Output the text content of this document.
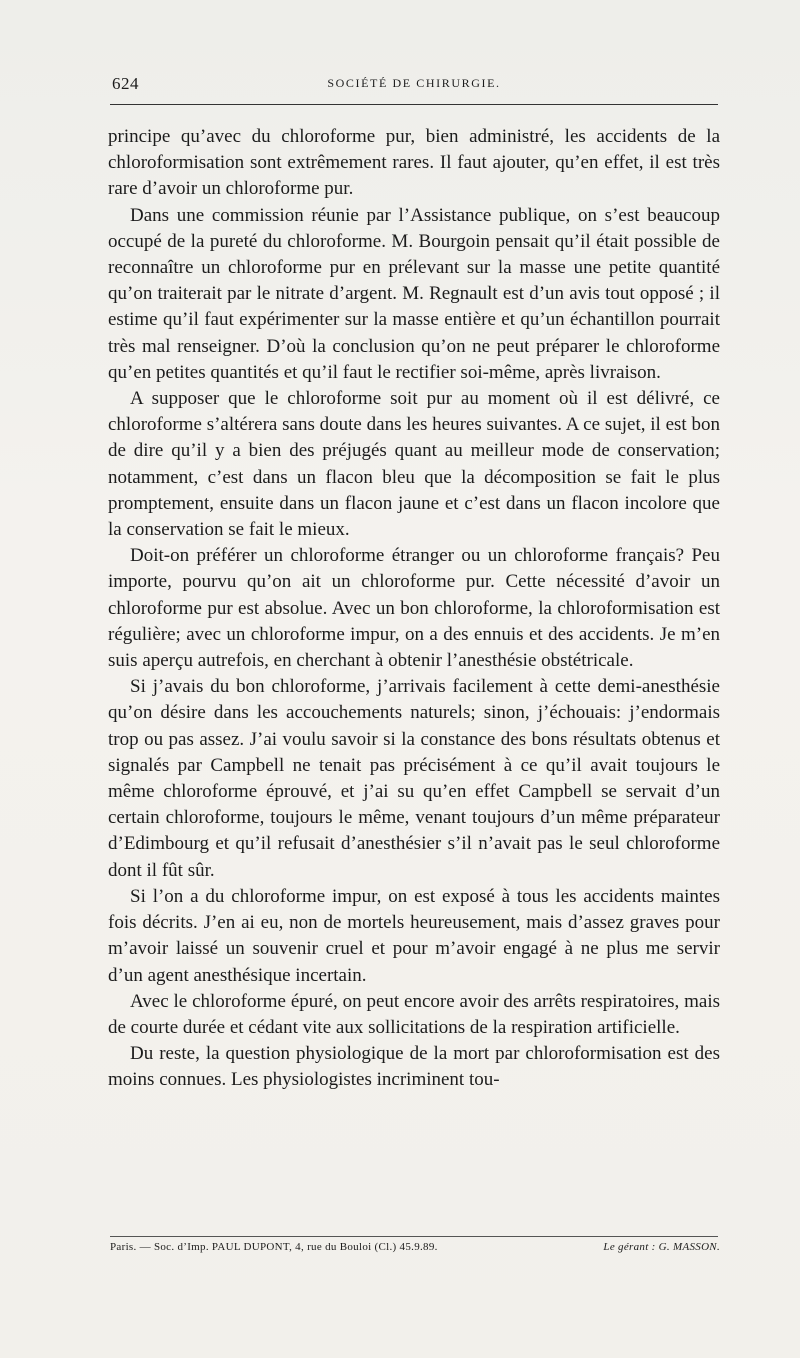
624	SOCIÉTÉ DE CHIRURGIE.

principe qu’avec du chloroforme pur, bien administré, les accidents de la chloroformisation sont extrêmement rares. Il faut ajouter, qu’en effet, il est très rare d’avoir un chloroforme pur.

Dans une commission réunie par l’Assistance publique, on s’est beaucoup occupé de la pureté du chloroforme. M. Bourgoin pensait qu’il était possible de reconnaître un chloroforme pur en prélevant sur la masse une petite quantité qu’on traiterait par le nitrate d’argent. M. Regnault est d’un avis tout opposé ; il estime qu’il faut expérimenter sur la masse entière et qu’un échantillon pourrait très mal renseigner. D’où la conclusion qu’on ne peut préparer le chloroforme qu’en petites quantités et qu’il faut le rectifier soi-même, après livraison.

A supposer que le chloroforme soit pur au moment où il est délivré, ce chloroforme s’altérera sans doute dans les heures suivantes. A ce sujet, il est bon de dire qu’il y a bien des préjugés quant au meilleur mode de conservation; notamment, c’est dans un flacon bleu que la décomposition se fait le plus promptement, ensuite dans un flacon jaune et c’est dans un flacon incolore que la conservation se fait le mieux.

Doit-on préférer un chloroforme étranger ou un chloroforme français? Peu importe, pourvu qu’on ait un chloroforme pur. Cette nécessité d’avoir un chloroforme pur est absolue. Avec un bon chloroforme, la chloroformisation est régulière; avec un chloroforme impur, on a des ennuis et des accidents. Je m’en suis aperçu autrefois, en cherchant à obtenir l’anesthésie obstétricale.

Si j’avais du bon chloroforme, j’arrivais facilement à cette demi-anesthésie qu’on désire dans les accouchements naturels; sinon, j’échouais: j’endormais trop ou pas assez. J’ai voulu savoir si la constance des bons résultats obtenus et signalés par Campbell ne tenait pas précisément à ce qu’il avait toujours le même chloroforme éprouvé, et j’ai su qu’en effet Campbell se servait d’un certain chloroforme, toujours le même, venant toujours d’un même préparateur d’Edimbourg et qu’il refusait d’anesthésier s’il n’avait pas le seul chloroforme dont il fût sûr.

Si l’on a du chloroforme impur, on est exposé à tous les accidents maintes fois décrits. J’en ai eu, non de mortels heureusement, mais d’assez graves pour m’avoir laissé un souvenir cruel et pour m’avoir engagé à ne plus me servir d’un agent anesthésique incertain.

Avec le chloroforme épuré, on peut encore avoir des arrêts respiratoires, mais de courte durée et cédant vite aux sollicitations de la respiration artificielle.

Du reste, la question physiologique de la mort par chloroformisation est des moins connues. Les physiologistes incriminent tou-

Paris. — Soc. d’Imp. PAUL DUPONT, 4, rue du Bouloi (Cl.) 45.9.89.	Le gérant : G. MASSON.
